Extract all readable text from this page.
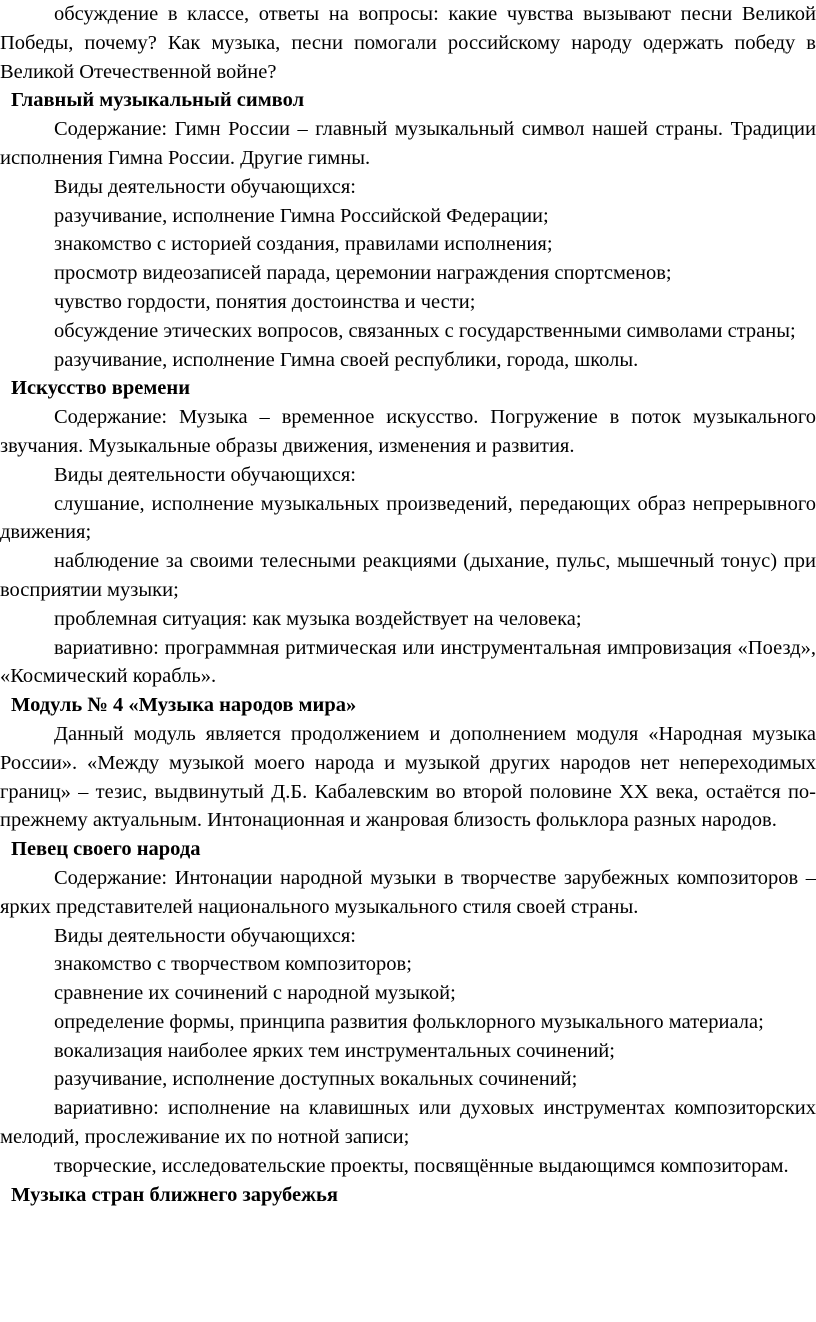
обсуждение в классе, ответы на вопросы: какие чувства вызывают песни Великой Победы, почему? Как музыка, песни помогали российскому народу одержать победу в Великой Отечественной войне?

Главный музыкальный символ

Содержание: Гимн России – главный музыкальный символ нашей страны. Традиции исполнения Гимна России. Другие гимны.

Виды деятельности обучающихся:

разучивание, исполнение Гимна Российской Федерации;

знакомство с историей создания, правилами исполнения;

просмотр видеозаписей парада, церемонии награждения спортсменов;

чувство гордости, понятия достоинства и чести;

обсуждение этических вопросов, связанных с государственными символами страны;

разучивание, исполнение Гимна своей республики, города, школы.

Искусство времени

Содержание: Музыка – временное искусство. Погружение в поток музыкального звучания. Музыкальные образы движения, изменения и развития.

Виды деятельности обучающихся:

слушание, исполнение музыкальных произведений, передающих образ непрерывного движения;

наблюдение за своими телесными реакциями (дыхание, пульс, мышечный тонус) при восприятии музыки;

проблемная ситуация: как музыка воздействует на человека;

вариативно: программная ритмическая или инструментальная импровизация «Поезд», «Космический корабль».

Модуль № 4 «Музыка народов мира»

Данный модуль является продолжением и дополнением модуля «Народная музыка России». «Между музыкой моего народа и музыкой других народов нет непереходимых границ» – тезис, выдвинутый Д.Б. Кабалевским во второй половине XX века, остаётся по-прежнему актуальным. Интонационная и жанровая близость фольклора разных народов.

Певец своего народа

Содержание: Интонации народной музыки в творчестве зарубежных композиторов – ярких представителей национального музыкального стиля своей страны.

Виды деятельности обучающихся:

знакомство с творчеством композиторов;

сравнение их сочинений с народной музыкой;

определение формы, принципа развития фольклорного музыкального материала;

вокализация наиболее ярких тем инструментальных сочинений;

разучивание, исполнение доступных вокальных сочинений;

вариативно: исполнение на клавишных или духовых инструментах композиторских мелодий, прослеживание их по нотной записи;

творческие, исследовательские проекты, посвящённые выдающимся композиторам.

Музыка стран ближнего зарубежья
